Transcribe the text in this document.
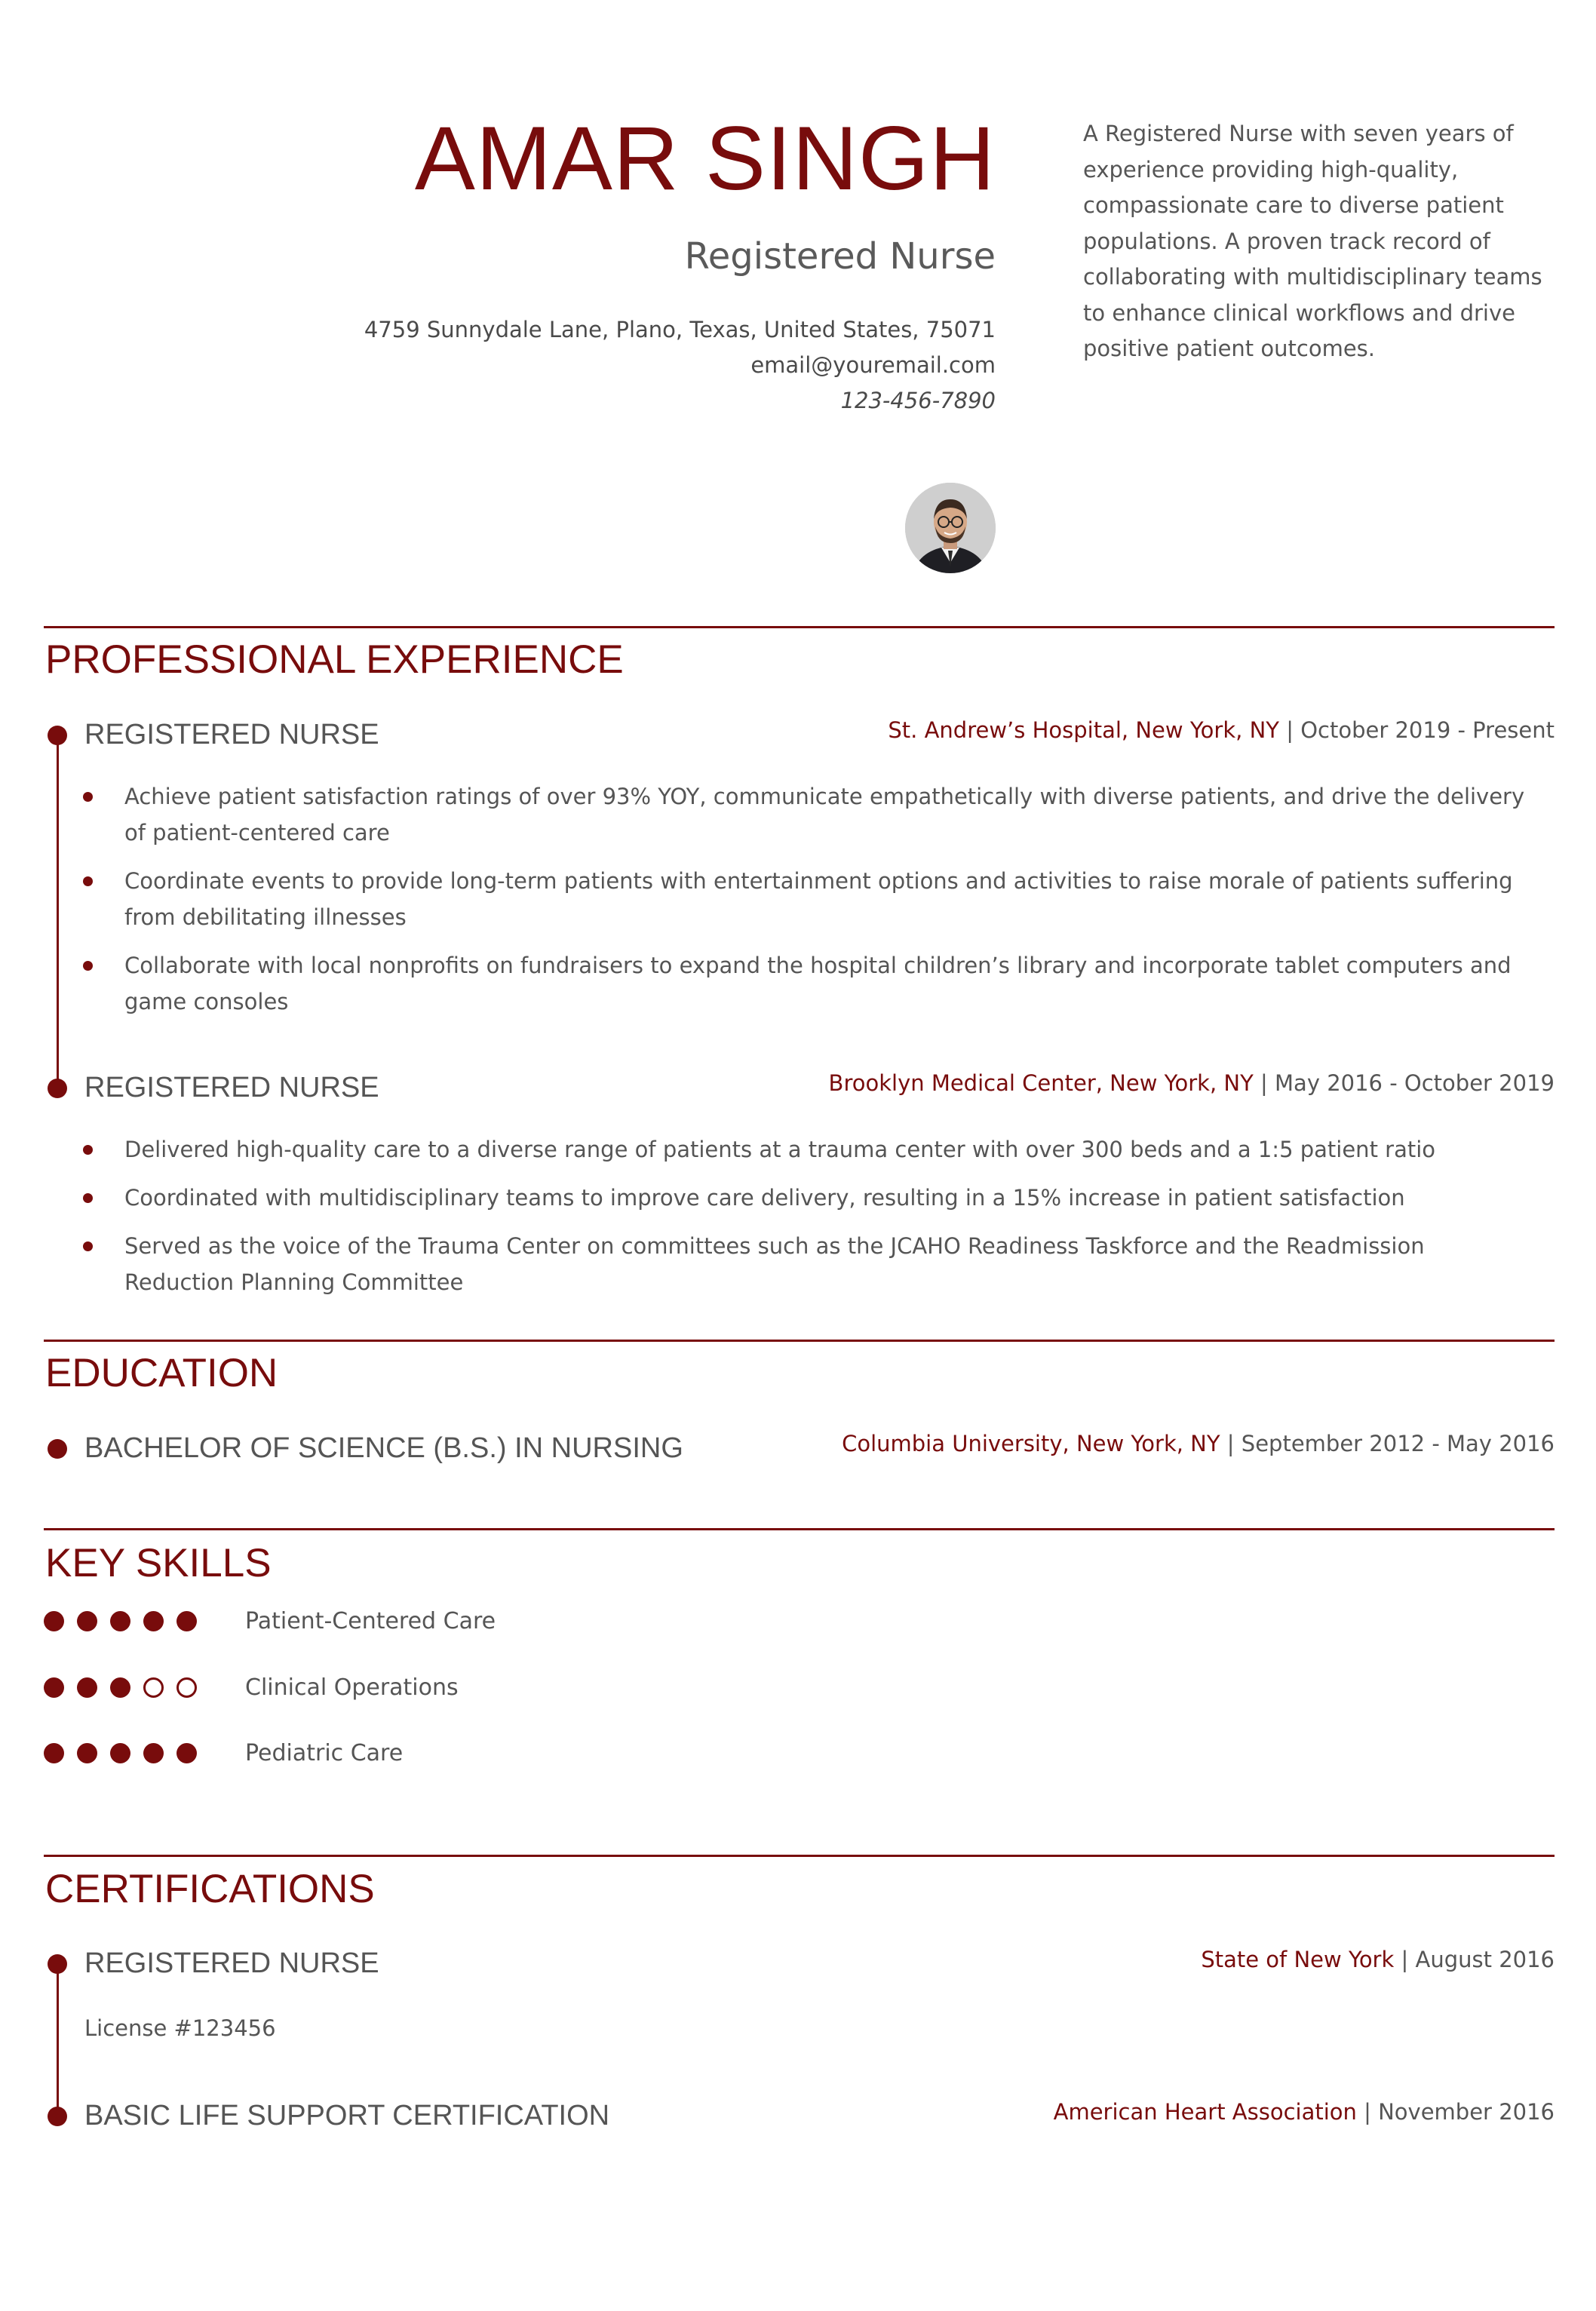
AMAR SINGH
Registered Nurse
4759 Sunnydale Lane, Plano, Texas, United States, 75071
email@youremail.com
123-456-7890
A Registered Nurse with seven years of experience providing high-quality, compassionate care to diverse patient populations. A proven track record of collaborating with multidisciplinary teams to enhance clinical workflows and drive positive patient outcomes.
PROFESSIONAL EXPERIENCE
REGISTERED NURSE	St. Andrew’s Hospital, New York, NY | October 2019 - Present
Achieve patient satisfaction ratings of over 93% YOY, communicate empathetically with diverse patients, and drive the delivery of patient-centered care
Coordinate events to provide long-term patients with entertainment options and activities to raise morale of patients suffering from debilitating illnesses
Collaborate with local nonprofits on fundraisers to expand the hospital children’s library and incorporate tablet computers and game consoles
REGISTERED NURSE	Brooklyn Medical Center, New York, NY | May 2016 - October 2019
Delivered high-quality care to a diverse range of patients at a trauma center with over 300 beds and a 1:5 patient ratio
Coordinated with multidisciplinary teams to improve care delivery, resulting in a 15% increase in patient satisfaction
Served as the voice of the Trauma Center on committees such as the JCAHO Readiness Taskforce and the Readmission Reduction Planning Committee
EDUCATION
BACHELOR OF SCIENCE (B.S.) IN NURSING	Columbia University, New York, NY | September 2012 - May 2016
KEY SKILLS
Patient-Centered Care
Clinical Operations
Pediatric Care
CERTIFICATIONS
REGISTERED NURSE	State of New York | August 2016
License #123456
BASIC LIFE SUPPORT CERTIFICATION	American Heart Association | November 2016
